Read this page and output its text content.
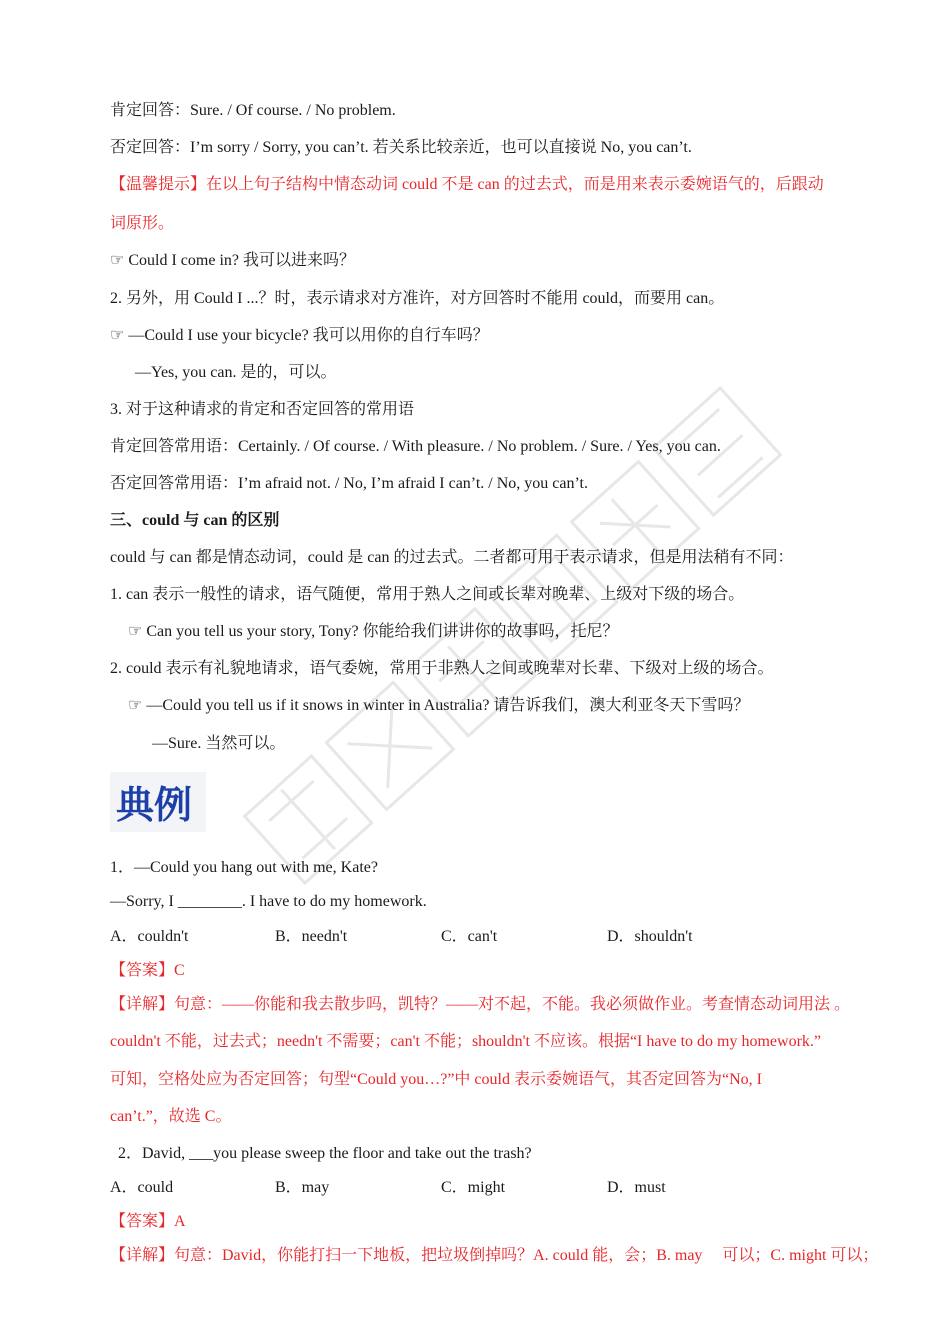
肯定回答：Sure. / Of course. / No problem.
否定回答：I’m sorry / Sorry, you can’t. 若关系比较亲近，也可以直接说 No, you can’t.
【温馨提示】在以上句子结构中情态动词 could 不是 can 的过去式，而是用来表示委婉语气的，后跟动
词原形。
☞ Could I come in? 我可以进来吗？
2. 另外，用 Could I ...？时，表示请求对方准许，对方回答时不能用 could，而要用 can。
☞ —Could I use your bicycle? 我可以用你的自行车吗？
—Yes, you can. 是的，可以。
3. 对于这种请求的肯定和否定回答的常用语
肯定回答常用语：Certainly. / Of course. / With pleasure. / No problem. / Sure. / Yes, you can.
否定回答常用语：I’m afraid not. / No, I’m afraid I can’t. / No, you can’t.
三、could 与 can 的区别
could 与 can 都是情态动词，could 是 can 的过去式。二者都可用于表示请求，但是用法稍有不同：
1. can 表示一般性的请求，语气随便，常用于熟人之间或长辈对晚辈、上级对下级的场合。
☞ Can you tell us your story, Tony? 你能给我们讲讲你的故事吗，托尼？
2. could 表示有礼貌地请求，语气委婉，常用于非熟人之间或晚辈对长辈、下级对上级的场合。
☞ —Could you tell us if it snows in winter in Australia? 请告诉我们，澳大利亚冬天下雪吗？
—Sure. 当然可以。
典例
1．—Could you hang out with me, Kate?
—Sorry, I ________. I have to do my homework.
A．couldn't	B．needn't	C．can't	D．shouldn't
【答案】C
【详解】句意：——你能和我去散步吗，凯特？——对不起，不能。我必须做作业。考查情态动词用法 。
couldn't 不能，过去式；needn't 不需要；can't 不能；shouldn't 不应该。根据“I have to do my homework.”
可知，空格处应为否定回答；句型“Could you…?”中 could 表示委婉语气，其否定回答为“No, I
can’t.”，故选 C。
2．David, ___you please sweep the floor and take out the trash?
A．could	B．may	C．might	D．must
【答案】A
【详解】句意：David，你能打扫一下地板，把垃圾倒掉吗？A. could 能，会；B. may　 可以；C. might 可以；
